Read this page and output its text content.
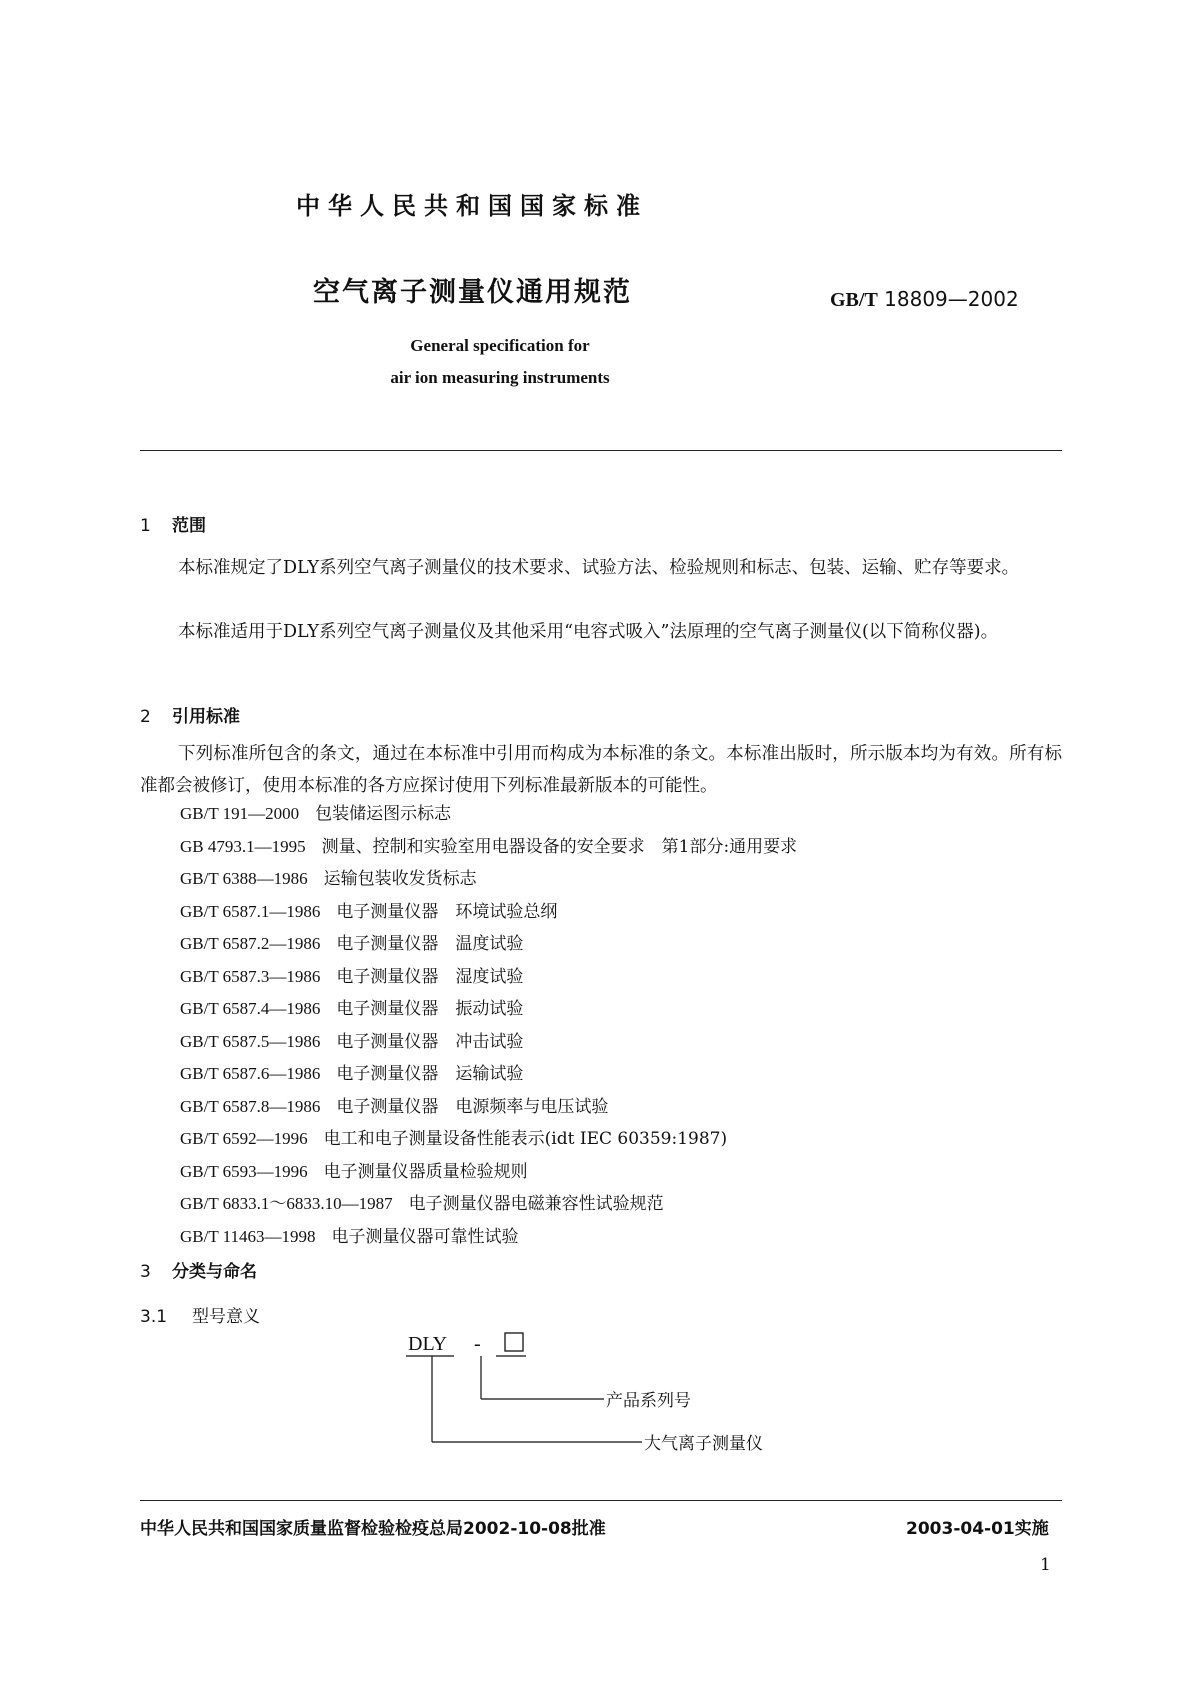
中华人民共和国国家标准
空气离子测量仪通用规范	GB/T 18809—2002
General specification for
air ion measuring instruments
1 范围
本标准规定了DLY系列空气离子测量仪的技术要求、试验方法、检验规则和标志、包装、运输、贮存等要求。
本标准适用于DLY系列空气离子测量仪及其他采用“电容式吸入”法原理的空气离子测量仪(以下简称仪器)。
2 引用标准
下列标准所包含的条文，通过在本标准中引用而构成为本标准的条文。本标准出版时，所示版本均为有效。所有标准都会被修订，使用本标准的各方应探讨使用下列标准最新版本的可能性。
GB/T 191—2000 包装储运图示标志
GB 4793.1—1995 测量、控制和实验室用电器设备的安全要求　第1部分:通用要求
GB/T 6388—1986 运输包装收发货标志
GB/T 6587.1—1986 电子测量仪器　环境试验总纲
GB/T 6587.2—1986 电子测量仪器　温度试验
GB/T 6587.3—1986 电子测量仪器　湿度试验
GB/T 6587.4—1986 电子测量仪器　振动试验
GB/T 6587.5—1986 电子测量仪器　冲击试验
GB/T 6587.6—1986 电子测量仪器　运输试验
GB/T 6587.8—1986 电子测量仪器　电源频率与电压试验
GB/T 6592—1996 电工和电子测量设备性能表示(idt IEC 60359:1987)
GB/T 6593—1996 电子测量仪器质量检验规则
GB/T 6833.1～6833.10—1987 电子测量仪器电磁兼容性试验规范
GB/T 11463—1998 电子测量仪器可靠性试验
3 分类与命名
3.1 型号意义
DLY -
产品系列号
大气离子测量仪
中华人民共和国国家质量监督检验检疫总局2002-10-08批准	2003-04-01实施
1
